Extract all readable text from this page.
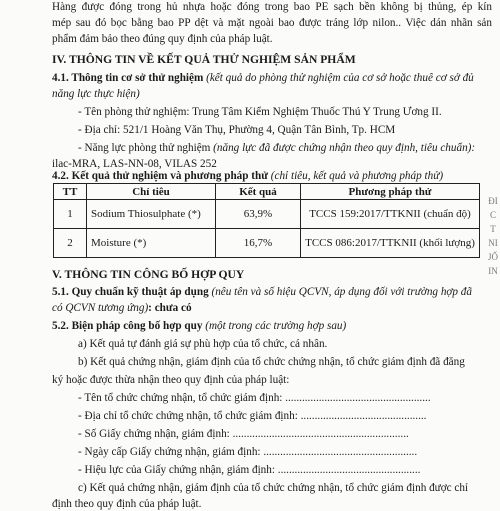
Hàng được đóng trong hủ nhựa hoặc đóng trong bao PE sạch bền không bị thủng, ép kín
mép sau đó bọc bằng bao PP dệt và mặt ngoài bao được tráng lớp nilon.. Việc dán nhãn sản
phẩm đảm bảo theo đúng quy định của pháp luật.
IV. THÔNG TIN VỀ KẾT QUẢ THỬ NGHIỆM SẢN PHẨM
4.1. Thông tin cơ sở thử nghiệm (kết quả do phòng thử nghiệm của cơ sở hoặc thuê cơ sở đủ
năng lực thực hiện)
- Tên phòng thử nghiệm: Trung Tâm Kiểm Nghiệm Thuốc Thú Y Trung Ương II.
- Địa chỉ: 521/1 Hoàng Văn Thụ, Phường 4, Quận Tân Bình, Tp. HCM
- Năng lực phòng thử nghiệm (năng lực đã được chứng nhận theo quy định, tiêu chuẩn):
ilac-MRA, LAS-NN-08, VILAS 252
4.2. Kết quả thử nghiệm và phương pháp thử (chỉ tiêu, kết quả và phương pháp thử)
TT	Chỉ tiêu	Kết quả	Phương pháp thử
1	Sodium Thiosulphate (*)	63,9%	TCCS 159:2017/TTKNII (chuẩn độ)
2	Moisture (*)	16,7%	TCCS 086:2017/TTKNII (khối lượng)
V. THÔNG TIN CÔNG BỐ HỢP QUY
5.1. Quy chuẩn kỹ thuật áp dụng (nêu tên và số hiệu QCVN, áp dụng đối với trường hợp đã
có QCVN tương ứng): chưa có
5.2. Biện pháp công bố hợp quy (một trong các trường hợp sau)
a) Kết quả tự đánh giá sự phù hợp của tổ chức, cá nhân.
b) Kết quả chứng nhận, giám định của tổ chức chứng nhận, tổ chức giám định đã đăng
ký hoặc được thừa nhận theo quy định của pháp luật:
- Tên tổ chức chứng nhận, tổ chức giám định: ....................................................
- Địa chỉ tổ chức chứng nhận, tổ chức giám định: .............................................
- Số Giấy chứng nhận, giám định: ...............................................................
- Ngày cấp Giấy chứng nhận, giám định: .......................................................
- Hiệu lực của Giấy chứng nhận, giám định: ...................................................
c) Kết quả chứng nhận, giám định của tổ chức chứng nhận, tổ chức giám định được chỉ
định theo quy định của pháp luật.
ĐI
C
T
NI
JỐ
IN
